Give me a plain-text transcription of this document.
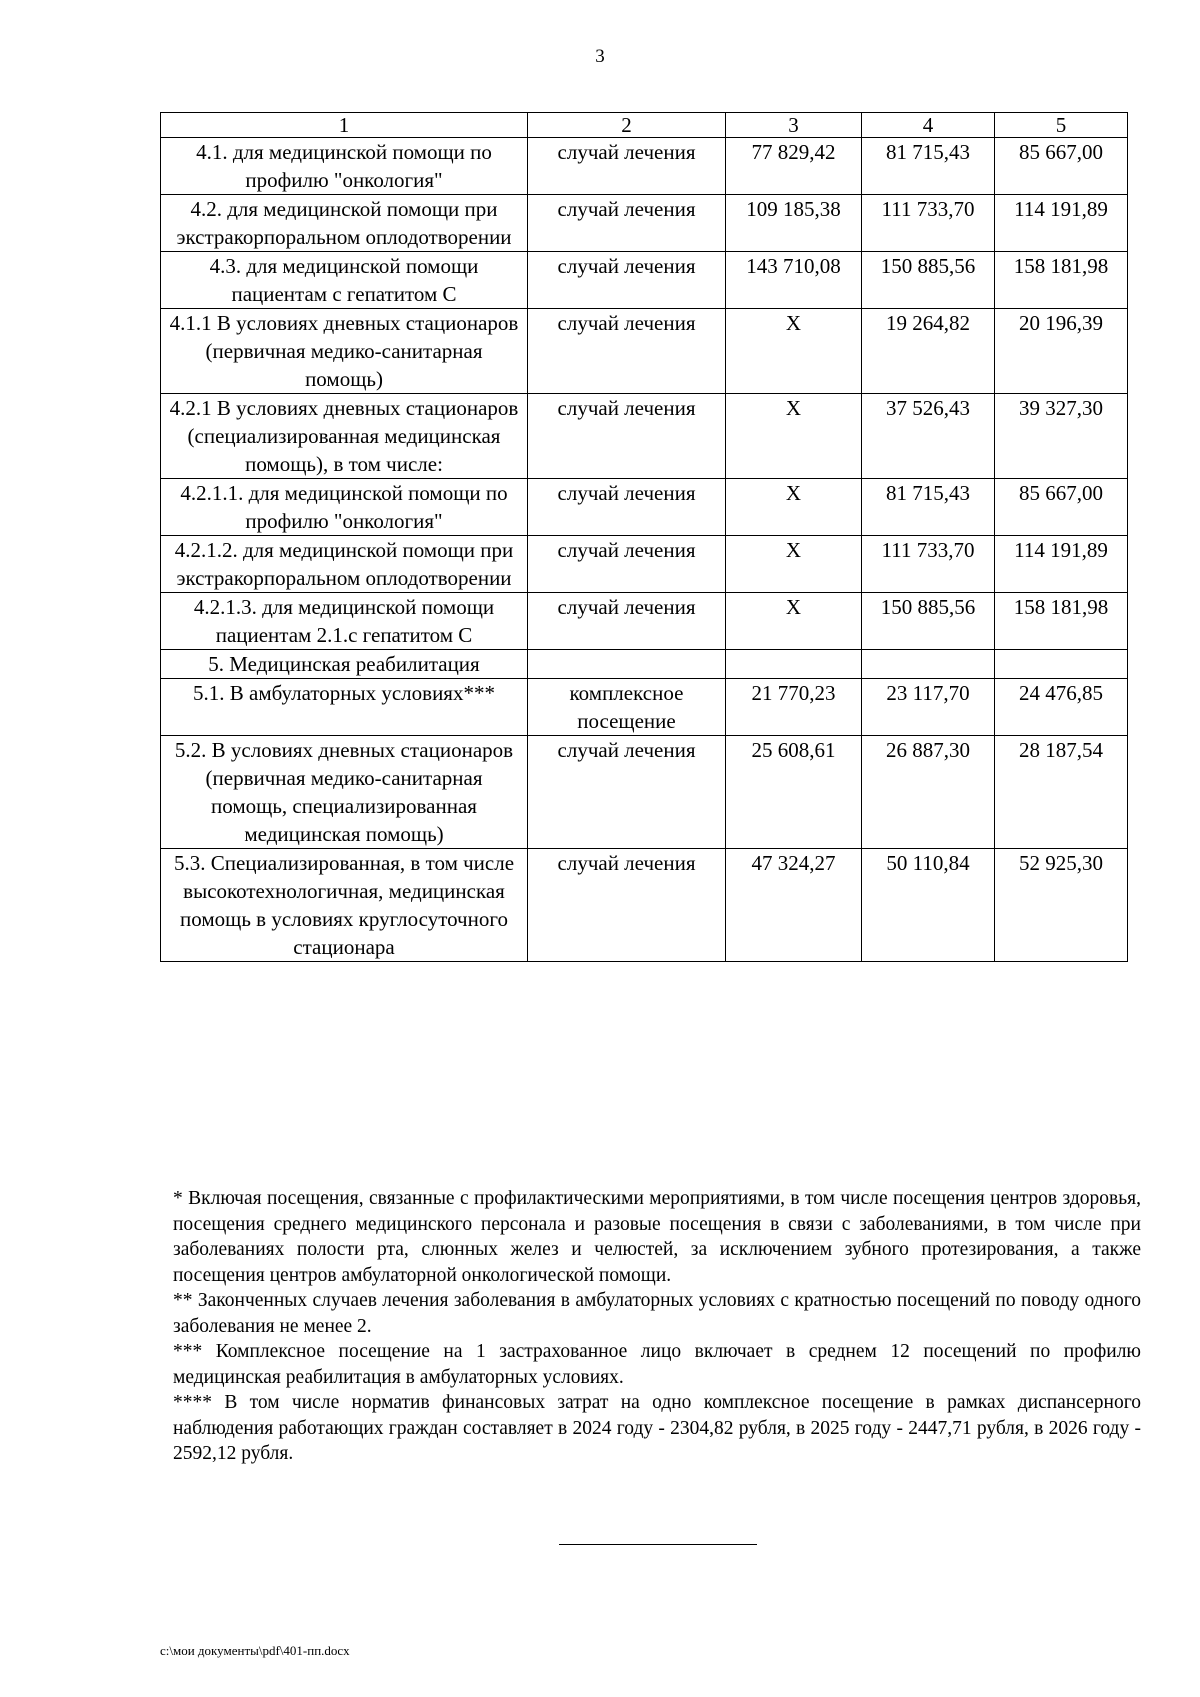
3
1	2	3	4	5
4.1. для медицинской помощи по профилю "онкология"	случай лечения	77 829,42	81 715,43	85 667,00
4.2. для медицинской помощи при экстракорпоральном оплодотворении	случай лечения	109 185,38	111 733,70	114 191,89
4.3. для медицинской помощи пациентам с гепатитом С	случай лечения	143 710,08	150 885,56	158 181,98
4.1.1 В условиях дневных стационаров (первичная медико-санитарная помощь)	случай лечения	Х	19 264,82	20 196,39
4.2.1 В условиях дневных стационаров (специализированная медицинская помощь), в том числе:	случай лечения	Х	37 526,43	39 327,30
4.2.1.1. для медицинской помощи по профилю "онкология"	случай лечения	Х	81 715,43	85 667,00
4.2.1.2. для медицинской помощи при экстракорпоральном оплодотворении	случай лечения	Х	111 733,70	114 191,89
4.2.1.3. для медицинской помощи пациентам 2.1.с гепатитом С	случай лечения	Х	150 885,56	158 181,98
5. Медицинская реабилитация				
5.1. В амбулаторных условиях***	комплексное посещение	21 770,23	23 117,70	24 476,85
5.2. В условиях дневных стационаров (первичная медико-санитарная помощь, специализированная медицинская помощь)	случай лечения	25 608,61	26 887,30	28 187,54
5.3. Специализированная, в том числе высокотехнологичная, медицинская помощь в условиях круглосуточного стационара	случай лечения	47 324,27	50 110,84	52 925,30

* Включая посещения, связанные с профилактическими мероприятиями, в том числе посещения центров здоровья, посещения среднего медицинского персонала и разовые посещения в связи с заболеваниями, в том числе при заболеваниях полости рта, слюнных желез и челюстей, за исключением зубного протезирования, а также посещения центров амбулаторной онкологической помощи.

** Законченных случаев лечения заболевания в амбулаторных условиях с кратностью посещений по поводу одного заболевания не менее 2.

*** Комплексное посещение на 1 застрахованное лицо включает в среднем 12 посещений по профилю медицинская реабилитация в амбулаторных условиях.

**** В том числе норматив финансовых затрат на одно комплексное посещение в рамках диспансерного наблюдения работающих граждан составляет в 2024 году - 2304,82 рубля, в 2025 году - 2447,71 рубля, в 2026 году - 2592,12 рубля.

c:\мои документы\pdf\401-пп.docx
